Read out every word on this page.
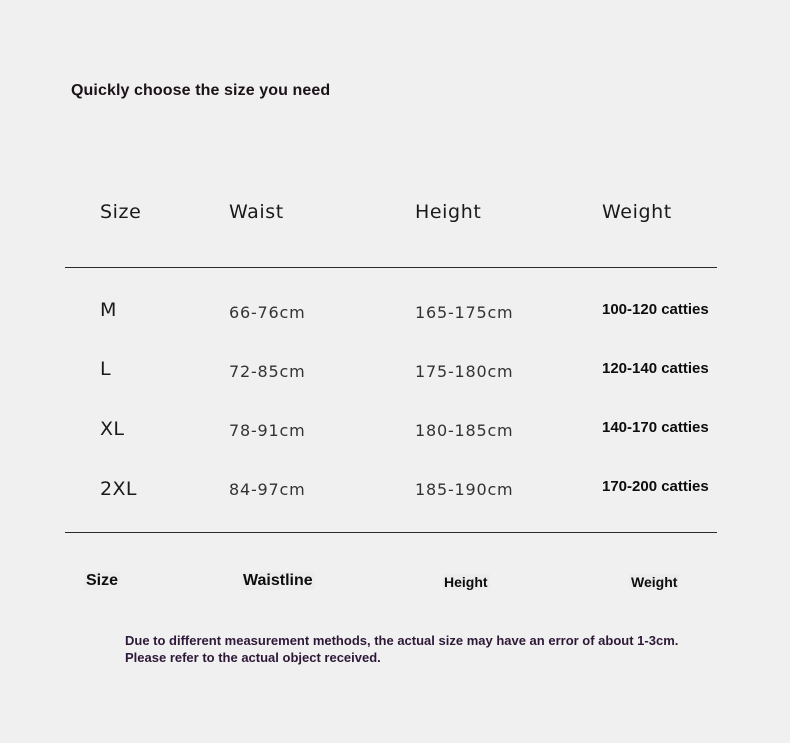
Quickly choose the size you need
Size	Waist	Height	Weight
M	66-76cm	165-175cm	100-120 catties
L	72-85cm	175-180cm	120-140 catties
XL	78-91cm	180-185cm	140-170 catties
2XL	84-97cm	185-190cm	170-200 catties
Size	Waistline	Height	Weight
Due to different measurement methods, the actual size may have an error of about 1-3cm. Please refer to the actual object received.
